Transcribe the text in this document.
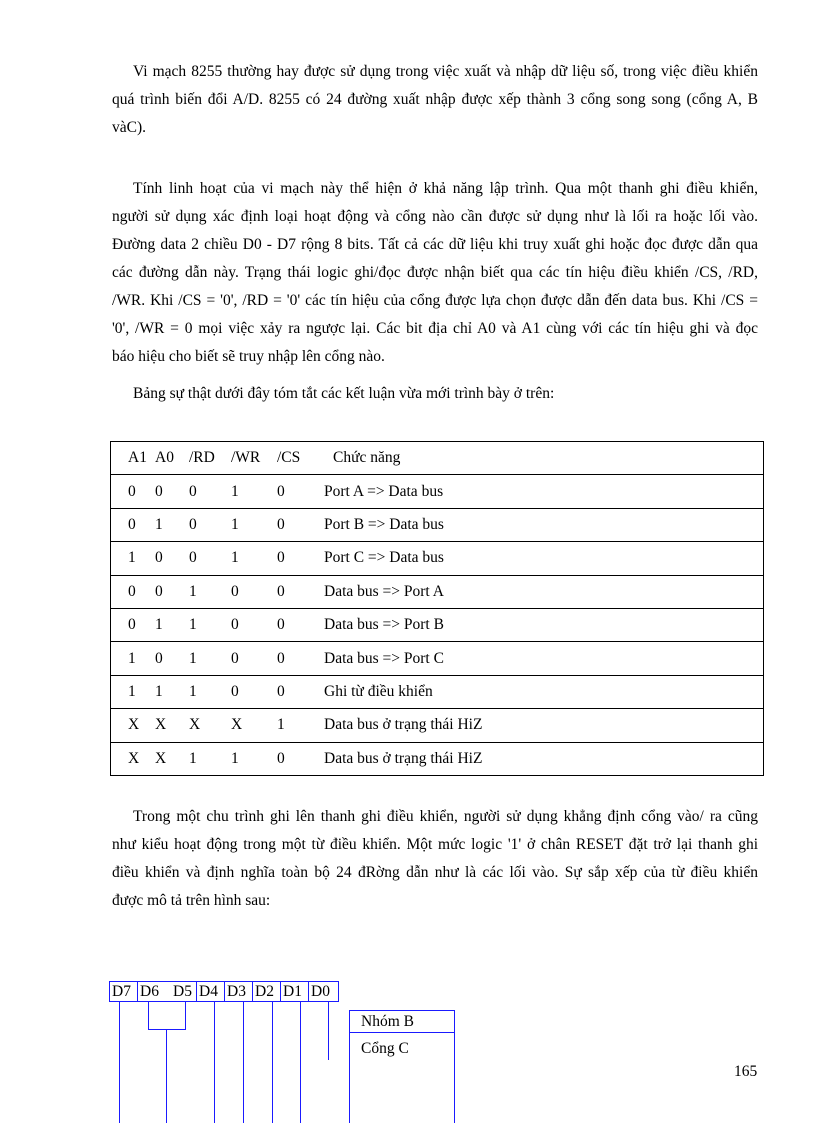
Vi mạch 8255 thường hay được sử dụng trong việc xuất và nhập dữ liệu số, trong việc điều khiển
quá trình biến đổi A/D. 8255 có 24 đường xuất nhập được xếp thành 3 cổng song song (cổng A, B
vàC).
Tính linh hoạt của vi mạch này thể hiện ở khả năng lập trình. Qua một thanh ghi điều khiển,
người sử dụng xác định loại hoạt động và cổng nào cần được sử dụng như là lối ra hoặc lối vào.
Đường data 2 chiều D0 - D7 rộng 8 bits. Tất cả các dữ liệu khi truy xuất ghi hoặc đọc được dẫn qua
các đường dẫn này. Trạng thái logic ghi/đọc được nhận biết qua các tín hiệu điều khiển /CS, /RD,
/WR. Khi /CS = '0', /RD = '0' các tín hiệu của cổng được lựa chọn được dẫn đến data bus. Khi /CS =
'0', /WR = 0 mọi việc xảy ra ngược lại. Các bit địa chỉ A0 và A1 cùng với các tín hiệu ghi và đọc
báo hiệu cho biết sẽ truy nhập lên cổng nào.
Bảng sự thật dưới đây tóm tắt các kết luận vừa mới trình bày ở trên:
A1	A0	/RD	/WR	/CS	Chức năng
0	0	0	1	0	Port A => Data bus
0	1	0	1	0	Port B => Data bus
1	0	0	1	0	Port C => Data bus
0	0	1	0	0	Data bus => Port A
0	1	1	0	0	Data bus => Port B
1	0	1	0	0	Data bus => Port C
1	1	1	0	0	Ghi từ điều khiển
X	X	X	X	1	Data bus ở trạng thái HiZ
X	X	1	1	0	Data bus ở trạng thái HiZ
Trong một chu trình ghi lên thanh ghi điều khiển, người sử dụng khẳng định cổng vào/ ra cũng
như kiểu hoạt động trong một từ điều khiển. Một mức logic '1' ở chân RESET đặt trở lại thanh ghi
điều khiển và định nghĩa toàn bộ 24 đRờng dẫn như là các lối vào. Sự sắp xếp của từ điều khiển
được mô tả trên hình sau:
D7 D6 D5 D4 D3 D2 D1 D0
Nhóm B
Cổng C
165
